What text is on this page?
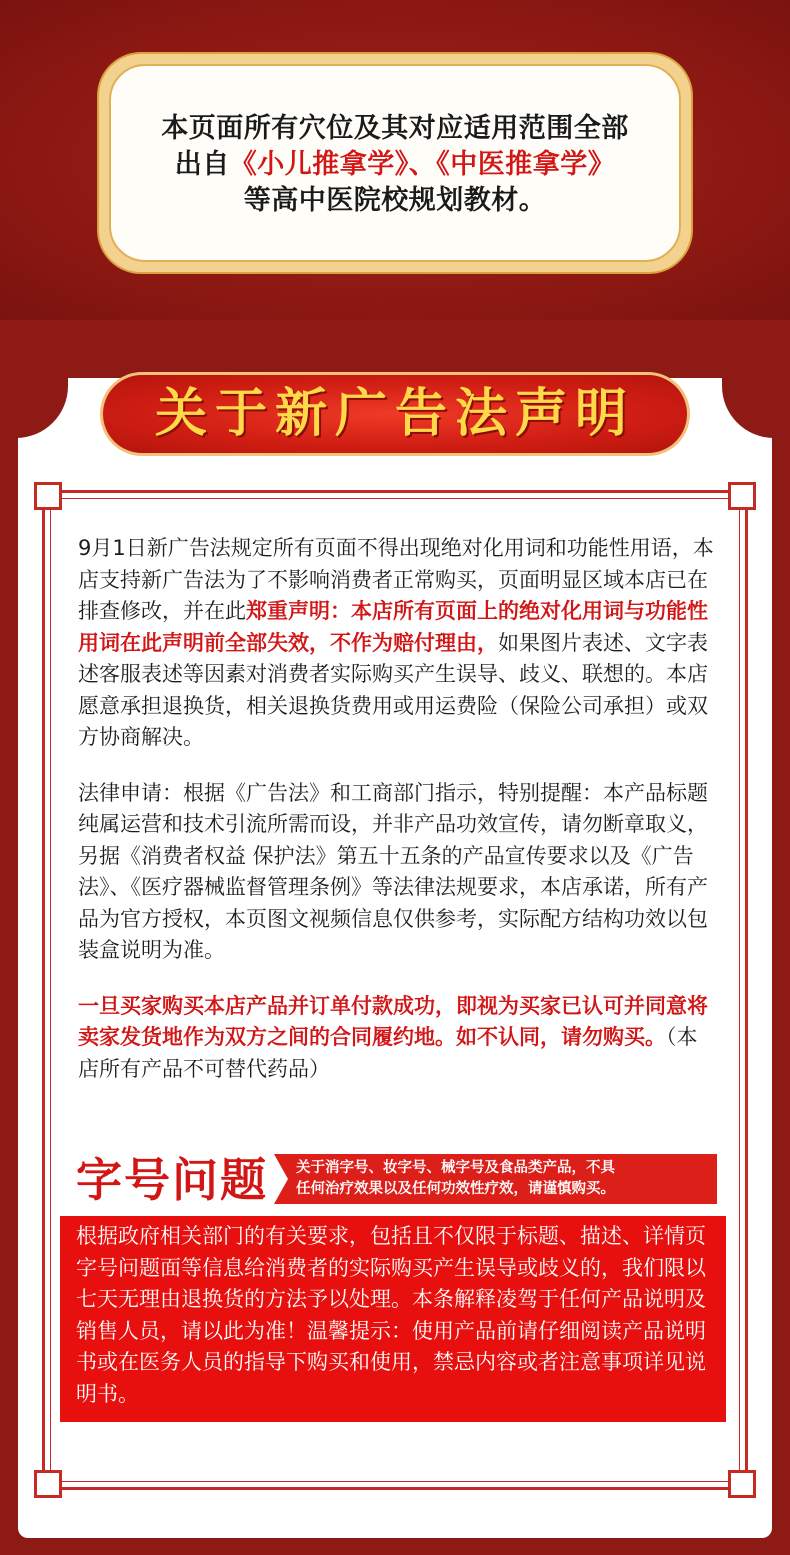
本页面所有穴位及其对应适用范围全部
出自《小儿推拿学》、《中医推拿学》
等高中医院校规划教材。
关于新广告法声明

9月1日新广告法规定所有页面不得出现绝对化用词和功能性用语，本店支持新广告法为了不影响消费者正常购买，页面明显区域本店已在排查修改，并在此郑重声明：本店所有页面上的绝对化用词与功能性用词在此声明前全部失效，不作为赔付理由，如果图片表述、文字表述客服表述等因素对消费者实际购买产生误导、歧义、联想的。本店愿意承担退换货，相关退换货费用或用运费险（保险公司承担）或双方协商解决。

法律申请：根据《广告法》和工商部门指示，特别提醒：本产品标题纯属运营和技术引流所需而设，并非产品功效宣传，请勿断章取义，另据《消费者权益 保护法》第五十五条的产品宣传要求以及《广告法》、《医疗器械监督管理条例》等法律法规要求，本店承诺，所有产品为官方授权，本页图文视频信息仅供参考，实际配方结构功效以包装盒说明为准。

一旦买家购买本店产品并订单付款成功，即视为买家已认可并同意将卖家发货地作为双方之间的合同履约地。如不认同，请勿购买。（本店所有产品不可替代药品）

字号问题 关于消字号、妆字号、械字号及食品类产品，不具
任何治疗效果以及任何功效性疗效，请谨慎购买。
根据政府相关部门的有关要求，包括且不仅限于标题、描述、详情页字号问题面等信息给消费者的实际购买产生误导或歧义的，我们限以七天无理由退换货的方法予以处理。本条解释凌驾于任何产品说明及销售人员，请以此为准！温馨提示：使用产品前请仔细阅读产品说明书或在医务人员的指导下购买和使用，禁忌内容或者注意事项详见说明书。
